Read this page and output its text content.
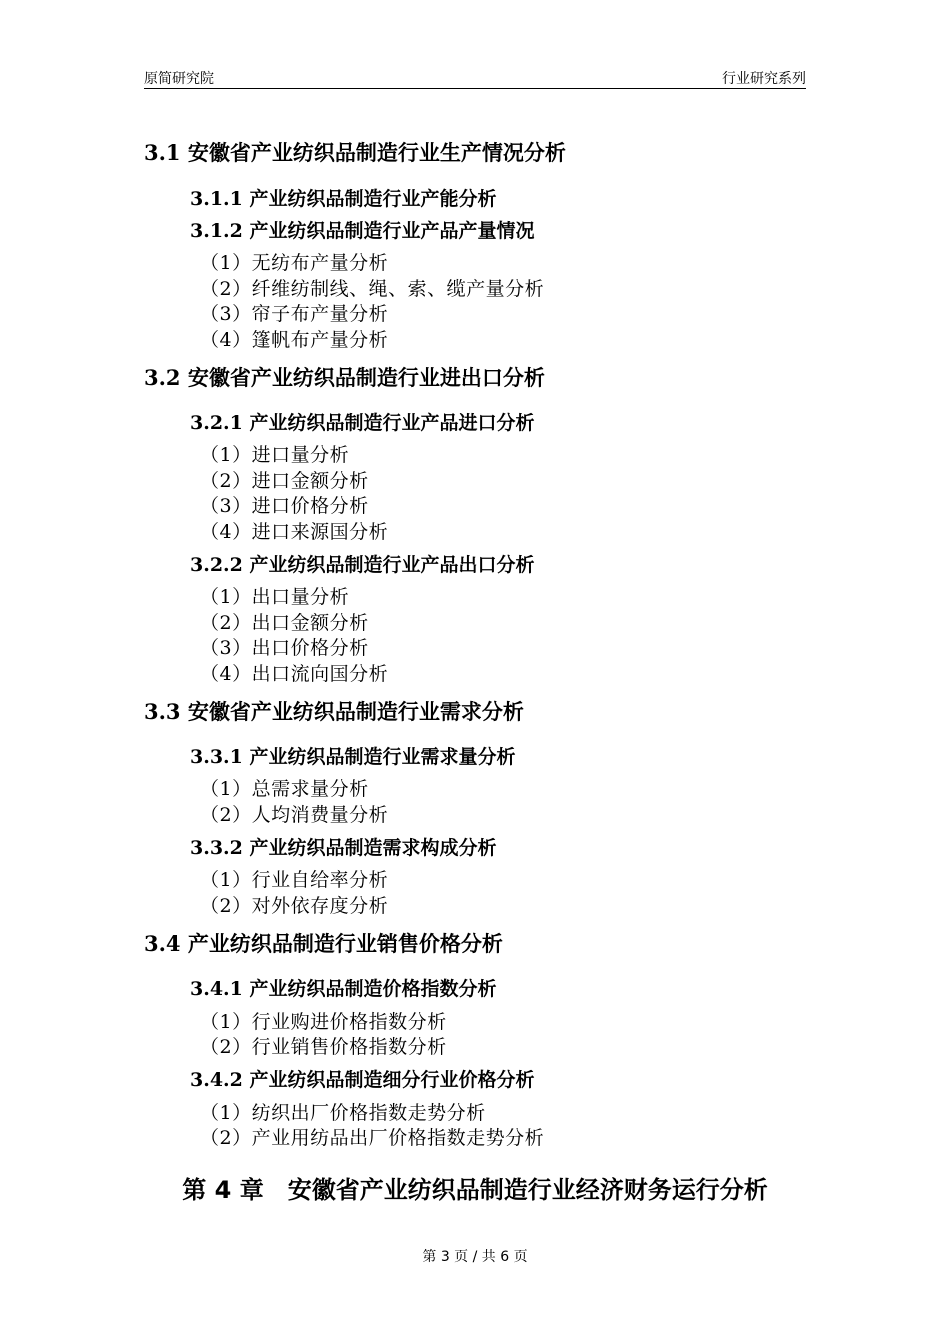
原简研究院	行业研究系列
3.1 安徽省产业纺织品制造行业生产情况分析
3.1.1 产业纺织品制造行业产能分析
3.1.2 产业纺织品制造行业产品产量情况
（1）无纺布产量分析
（2）纤维纺制线、绳、索、缆产量分析
（3）帘子布产量分析
（4）篷帆布产量分析
3.2 安徽省产业纺织品制造行业进出口分析
3.2.1 产业纺织品制造行业产品进口分析
（1）进口量分析
（2）进口金额分析
（3）进口价格分析
（4）进口来源国分析
3.2.2 产业纺织品制造行业产品出口分析
（1）出口量分析
（2）出口金额分析
（3）出口价格分析
（4）出口流向国分析
3.3 安徽省产业纺织品制造行业需求分析
3.3.1 产业纺织品制造行业需求量分析
（1）总需求量分析
（2）人均消费量分析
3.3.2 产业纺织品制造需求构成分析
（1）行业自给率分析
（2）对外依存度分析
3.4 产业纺织品制造行业销售价格分析
3.4.1 产业纺织品制造价格指数分析
（1）行业购进价格指数分析
（2）行业销售价格指数分析
3.4.2 产业纺织品制造细分行业价格分析
（1）纺织出厂价格指数走势分析
（2）产业用纺品出厂价格指数走势分析
第 4 章　安徽省产业纺织品制造行业经济财务运行分析
第 3 页 / 共 6 页
